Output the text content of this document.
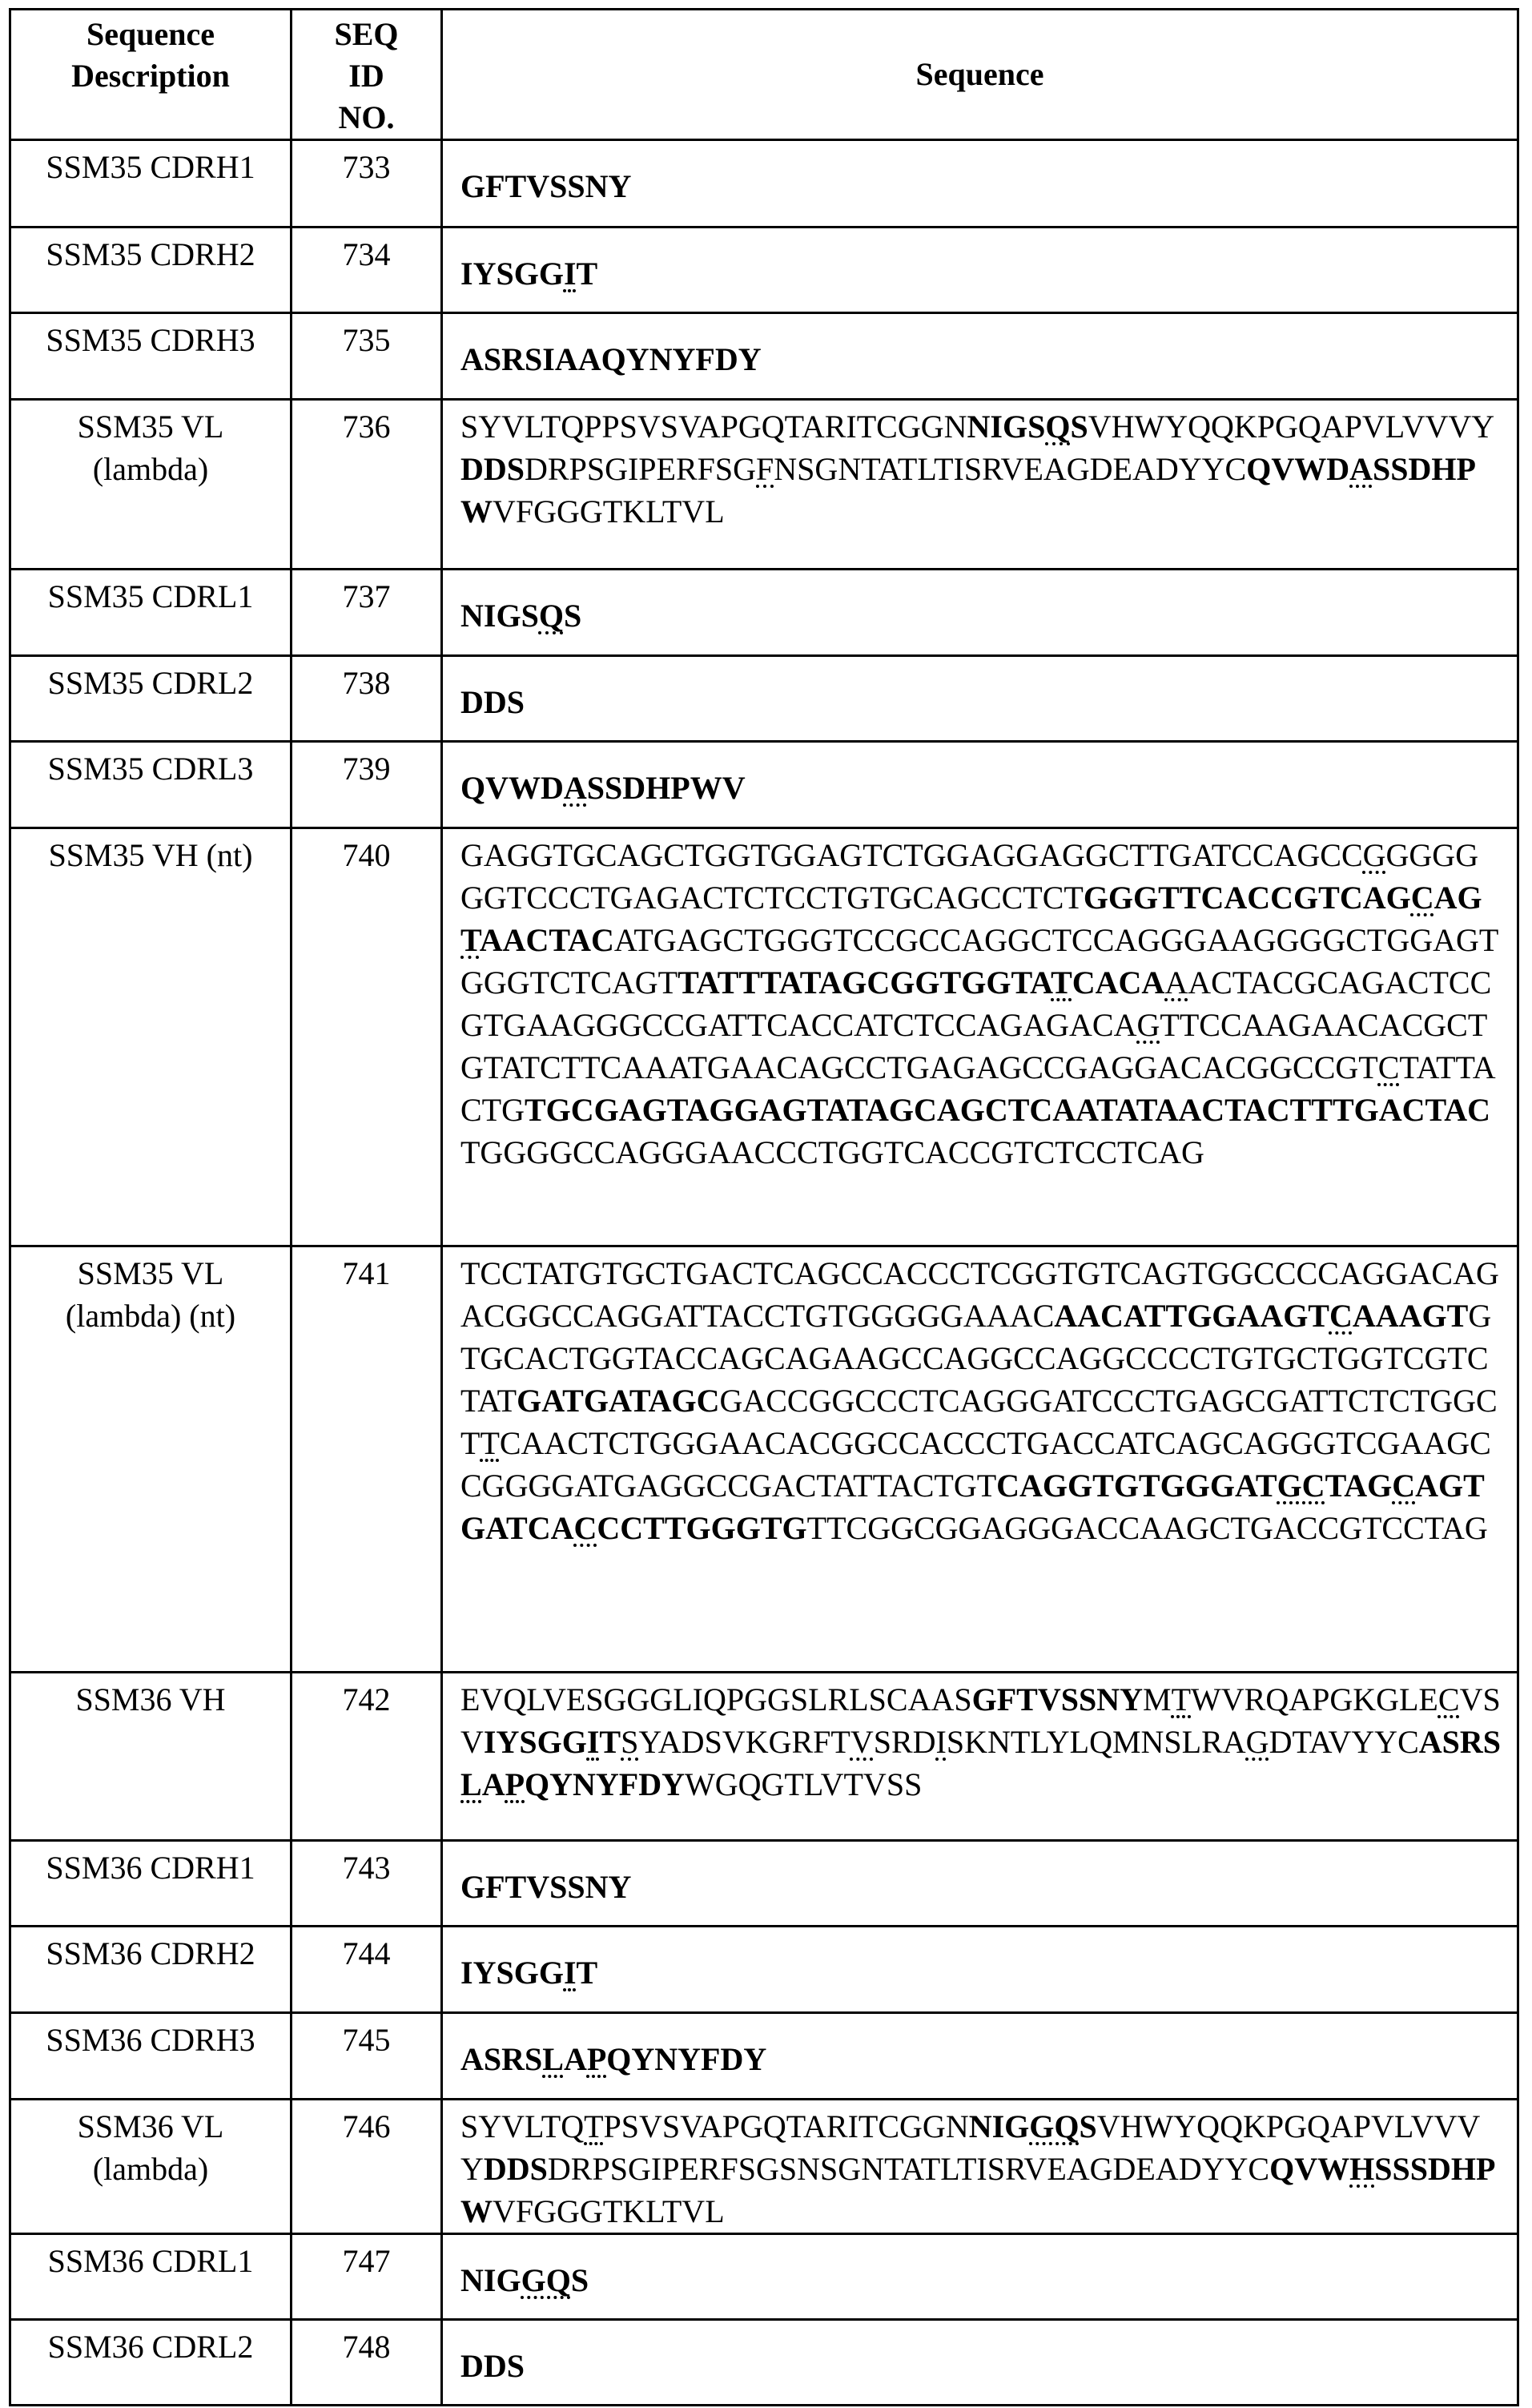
Sequence Description	SEQ ID NO.	Sequence
SSM35 CDRH1	733	GFTVSSNY
SSM35 CDRH2	734	IYSGGIT
SSM35 CDRH3	735	ASRSIAAQYNYFDY
SSM35 VL (lambda)	736	SYVLTQPPSVSVAPGQTARITCGGNNIGSQSVHWYQQKPGQAPVLVVVYDDSDRPSGIPERFSGFNSGNTATLTISRVEAGDEADYYCQVWDASSDHPWVFGGGTKLTVL
SSM35 CDRL1	737	NIGSQS
SSM35 CDRL2	738	DDS
SSM35 CDRL3	739	QVWDASSDHPWV
SSM35 VH (nt)	740	GAGGTGCAGCTGGTGGAGTCTGGAGGAGGCTTGATCCAGCCGGGGGGGTCCCTGAGACTCTCCTGTGCAGCCTCTGGGTTCACCGTCAGCAGTAACTACATGAGCTGGGTCCGCCAGGCTCCAGGGAAGGGGCTGGAGTGGGTCTCAGTTATTTATAGCGGTGGTATCACAAACTACGCAGACTCCGTGAAGGGCCGATTCACCATCTCCAGAGACAGTTCCAAGAACACGCTGTATCTTCAAATGAACAGCCTGAGAGCCGAGGACACGGCCGTCTATTACTGTGCGAGTAGGAGTATAGCAGCTCAATATAACTACTTTGACTACTGGGGCCAGGGAACCCTGGTCACCGTCTCCTCAG
SSM35 VL (lambda) (nt)	741	TCCTATGTGCTGACTCAGCCACCCTCGGTGTCAGTGGCCCCAGGACAGACGGCCAGGATTACCTGTGGGGGAAACAACATTGGAAGTCAAAGTGTGCACTGGTACCAGCAGAAGCCAGGCCAGGCCCCTGTGCTGGTCGTCTATGATGATAGCGACCGGCCCTCAGGGATCCCTGAGCGATTCTCTGGCTTCAACTCTGGGAACACGGCCACCCTGACCATCAGCAGGGTCGAAGCCGGGGATGAGGCCGACTATTACTGTCAGGTGTGGGATGCTAGCAGTGATCACCCTTGGGTGTTCGGCGGAGGGACCAAGCTGACCGTCCTAG
SSM36 VH	742	EVQLVESGGGLIQPGGSLRLSCAASGFTVSSNYMTWVRQAPGKGLECVSVIYSGGITSYADSVKGRFTVSRDISKNTLYLQMNSLRAGDTAVYYCASRSLAPQYNYFDYWGQGTLVTVSS
SSM36 CDRH1	743	GFTVSSNY
SSM36 CDRH2	744	IYSGGIT
SSM36 CDRH3	745	ASRSLAPQYNYFDY
SSM36 VL (lambda)	746	SYVLTQTPSVSVAPGQTARITCGGNNIGGQSVHWYQQKPGQAPVLVVVYDDSDRPSGIPERFSGSNSGNTATLTISRVEAGDEADYYCQVWHSSSDHPWVFGGGTKLTVL
SSM36 CDRL1	747	NIGGQS
SSM36 CDRL2	748	DDS
